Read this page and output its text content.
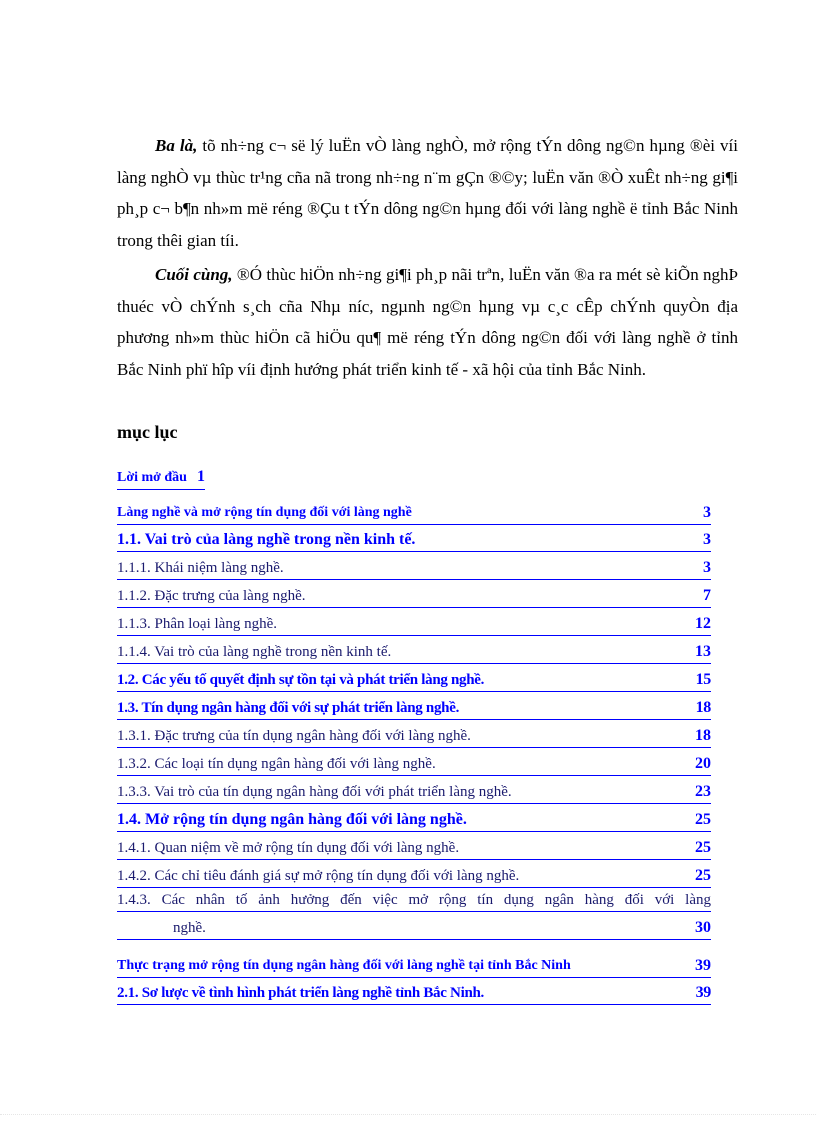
Ba là, tõ nh÷ng c¬ së lý luËn vÒ làng nghÒ, mở rộng tÝn dông ng©n hµng ®èi víi làng nghÒ vµ thùc tr¹ng cña nã trong nh÷ng n¨m gÇn ®©y; luËn văn ®Ò xuÊt nh÷ng gi¶i ph¸p c¬ b¶n nh»m më réng ®Çu t tÝn dông ng©n hµng đối với làng nghề ë tỉnh Bắc Ninh trong thêi gian tíi.

Cuối cùng, ®Ó thùc hiÖn nh÷ng gi¶i ph¸p nãi trªn, luËn văn ®a ra mét sè kiÕn nghÞ thuéc vÒ chÝnh s¸ch cña Nhµ níc, ngµnh ng©n hµng vµ c¸c cÊp chÝnh quyÒn địa phương nh»m thùc hiÖn cã hiÖu qu¶ më réng tÝn dông ng©n đối với làng nghề ở tỉnh Bắc Ninh phï hîp víi định hướng phát triển kinh tế - xã hội của tỉnh Bắc Ninh.

mục lục
Lời mở đầu 1
Làng nghề và mở rộng tín dụng đối với làng nghề	3
1.1. Vai trò của làng nghề trong nền kinh tế.	3
1.1.1. Khái niệm làng nghề.	3
1.1.2. Đặc trưng của làng nghề.	7
1.1.3. Phân loại làng nghề.	12
1.1.4. Vai trò của làng nghề trong nền kinh tế.	13
1.2. Các yếu tố quyết định sự tồn tại và phát triển làng nghề.	15
1.3. Tín dụng ngân hàng đối với sự phát triển làng nghề.	18
1.3.1. Đặc trưng của tín dụng ngân hàng đối với làng nghề.	18
1.3.2. Các loại tín dụng ngân hàng đối với làng nghề.	20
1.3.3. Vai trò của tín dụng ngân hàng đối với phát triển làng nghề.	23
1.4. Mở rộng tín dụng ngân hàng đối với làng nghề.	25
1.4.1. Quan niệm về mở rộng tín dụng đối với làng nghề.	25
1.4.2. Các chỉ tiêu đánh giá sự mở rộng tín dụng đối với làng nghề.	25
1.4.3. Các nhân tố ảnh hưởng đến việc mở rộng tín dụng ngân hàng đối với làng
nghề.	30
Thực trạng mở rộng tín dụng ngân hàng đối với làng nghề tại tỉnh Bắc Ninh	39
2.1. Sơ lược về tình hình phát triển làng nghề tỉnh Bắc Ninh.	39
